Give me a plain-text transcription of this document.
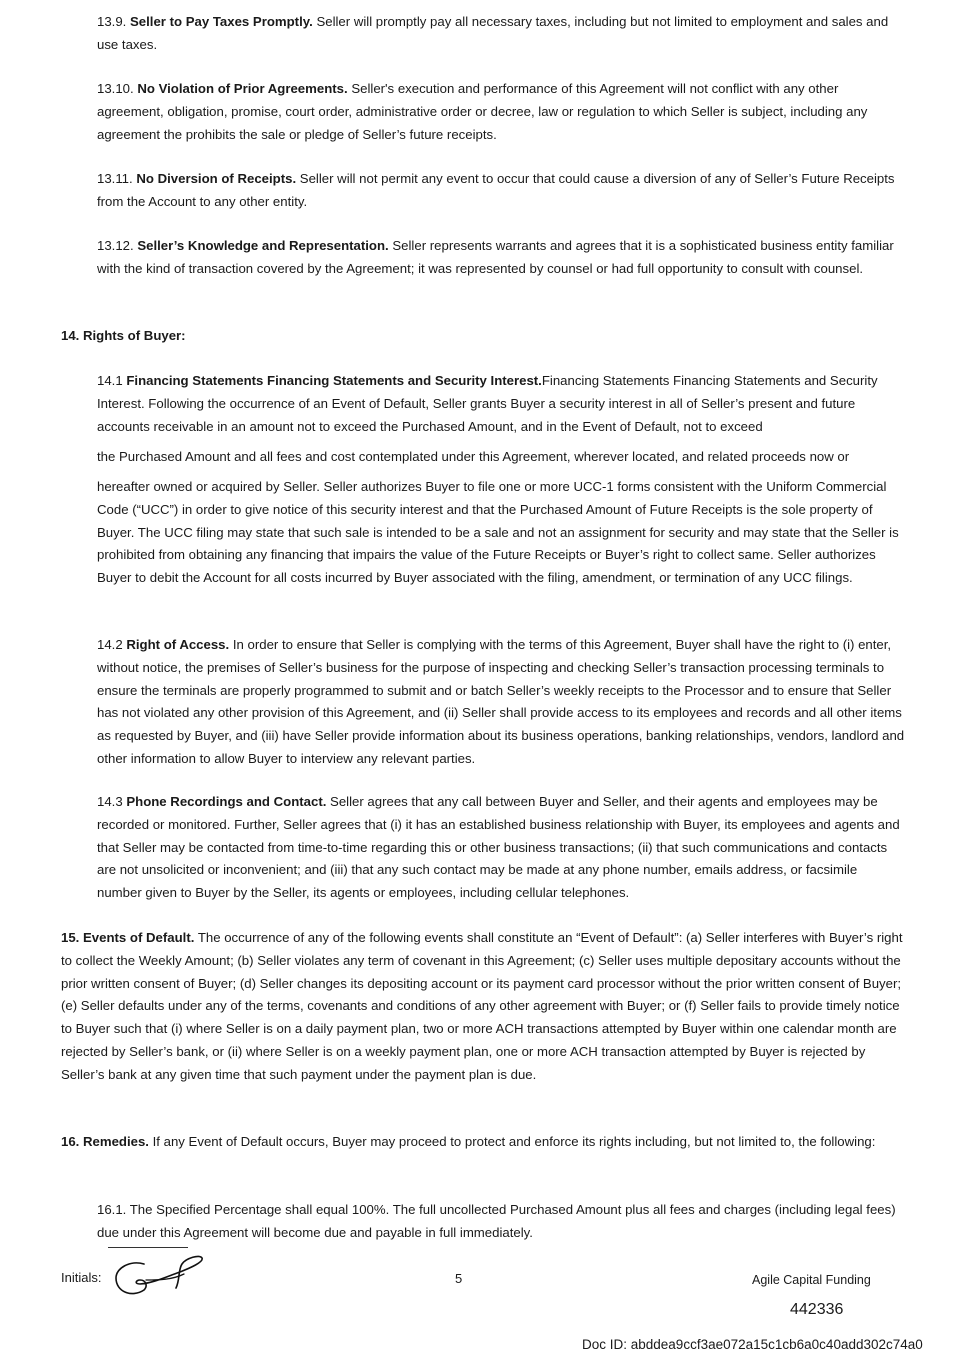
13.9. Seller to Pay Taxes Promptly. Seller will promptly pay all necessary taxes, including but not limited to employment and sales and use taxes.

13.10. No Violation of Prior Agreements. Seller's execution and performance of this Agreement will not conflict with any other agreement, obligation, promise, court order, administrative order or decree, law or regulation to which Seller is subject, including any agreement the prohibits the sale or pledge of Seller’s future receipts.

13.11. No Diversion of Receipts. Seller will not permit any event to occur that could cause a diversion of any of Seller’s Future Receipts from the Account to any other entity.

13.12. Seller’s Knowledge and Representation. Seller represents warrants and agrees that it is a sophisticated business entity familiar with the kind of transaction covered by the Agreement; it was represented by counsel or had full opportunity to consult with counsel.

14. Rights of Buyer:

14.1 Financing Statements Financing Statements and Security Interest.Financing Statements Financing Statements and Security Interest. Following the occurrence of an Event of Default, Seller grants Buyer a security interest in all of Seller’s present and future accounts receivable in an amount not to exceed the Purchased Amount, and in the Event of Default, not to exceed

the Purchased Amount and all fees and cost contemplated under this Agreement, wherever located, and related proceeds now or

hereafter owned or acquired by Seller. Seller authorizes Buyer to file one or more UCC-1 forms consistent with the Uniform Commercial Code (“UCC”) in order to give notice of this security interest and that the Purchased Amount of Future Receipts is the sole property of Buyer. The UCC filing may state that such sale is intended to be a sale and not an assignment for security and may state that the Seller is prohibited from obtaining any financing that impairs the value of the Future Receipts or Buyer’s right to collect same. Seller authorizes Buyer to debit the Account for all costs incurred by Buyer associated with the filing, amendment, or termination of any UCC filings.

14.2 Right of Access. In order to ensure that Seller is complying with the terms of this Agreement, Buyer shall have the right to (i) enter, without notice, the premises of Seller’s business for the purpose of inspecting and checking Seller’s transaction processing terminals to ensure the terminals are properly programmed to submit and or batch Seller’s weekly receipts to the Processor and to ensure that Seller has not violated any other provision of this Agreement, and (ii) Seller shall provide access to its employees and records and all other items as requested by Buyer, and (iii) have Seller provide information about its business operations, banking relationships, vendors, landlord and other information to allow Buyer to interview any relevant parties.

14.3 Phone Recordings and Contact. Seller agrees that any call between Buyer and Seller, and their agents and employees may be recorded or monitored. Further, Seller agrees that (i) it has an established business relationship with Buyer, its employees and agents and that Seller may be contacted from time-to-time regarding this or other business transactions; (ii) that such communications and contacts are not unsolicited or inconvenient; and (iii) that any such contact may be made at any phone number, emails address, or facsimile number given to Buyer by the Seller, its agents or employees, including cellular telephones.

15. Events of Default. The occurrence of any of the following events shall constitute an “Event of Default”: (a) Seller interferes with Buyer’s right to collect the Weekly Amount; (b) Seller violates any term of covenant in this Agreement; (c) Seller uses multiple depositary accounts without the prior written consent of Buyer; (d) Seller changes its depositing account or its payment card processor without the prior written consent of Buyer; (e) Seller defaults under any of the terms, covenants and conditions of any other agreement with Buyer; or (f) Seller fails to provide timely notice to Buyer such that (i) where Seller is on a daily payment plan, two or more ACH transactions attempted by Buyer within one calendar month are rejected by Seller’s bank, or (ii) where Seller is on a weekly payment plan, one or more ACH transaction attempted by Buyer is rejected by Seller’s bank at any given time that such payment under the payment plan is due.

16. Remedies. If any Event of Default occurs, Buyer may proceed to protect and enforce its rights including, but not limited to, the following:

16.1. The Specified Percentage shall equal 100%. The full uncollected Purchased Amount plus all fees and charges (including legal fees) due under this Agreement will become due and payable in full immediately.

Initials:	5	Agile Capital Funding
442336
Doc ID: abddea9ccf3ae072a15c1cb6a0c40add302c74a0
